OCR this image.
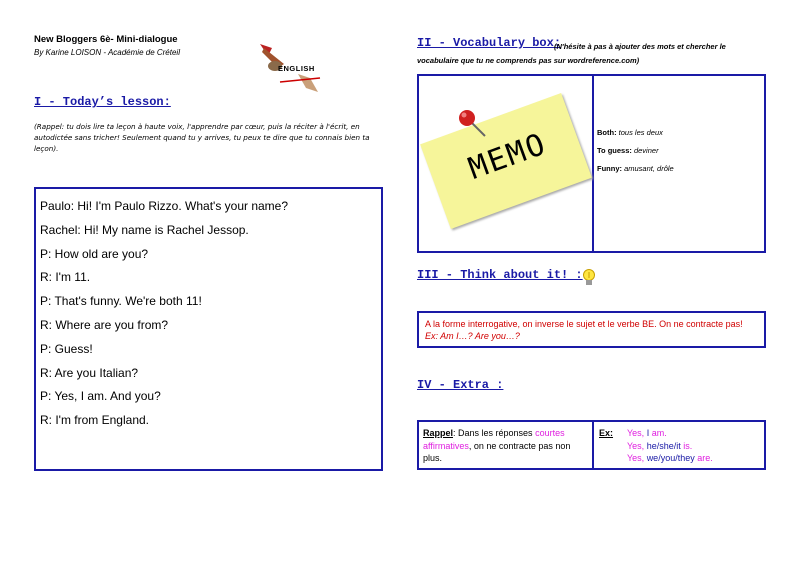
New Bloggers 6è- Mini-dialogue
By Karine LOISON - Académie de Créteil
ENGLISH
I - Today’s lesson:
(Rappel: tu dois lire ta leçon à haute voix, l'apprendre par cœur, puis la réciter à l'écrit, en autodictée sans tricher! Seulement quand tu y arrives, tu peux te dire que tu connais bien ta leçon).
Paulo: Hi! I'm Paulo Rizzo. What's your name?
Rachel: Hi! My name is Rachel Jessop.
P: How old are you?
R: I'm 11.
P: That's funny. We're both 11!
R: Where are you from?
P: Guess!
R: Are you Italian?
P: Yes, I am. And you?
R: I'm from England.
II - Vocabulary box:
(N'hésite à pas à ajouter des mots et chercher le vocabulaire que tu ne comprends pas sur wordreference.com)
MEMO	Both: tous les deux
To guess: deviner
Funny: amusant, drôle
III - Think about it! :
A la forme interrogative, on inverse le sujet et le verbe BE. On ne contracte pas! Ex: Am I…? Are you…?
IV - Extra :
Rappel: Dans les réponses courtes affirmatives, on ne contracte pas non plus.
Ex: Yes, I am.
Yes, he/she/it is.
Yes, we/you/they are.
